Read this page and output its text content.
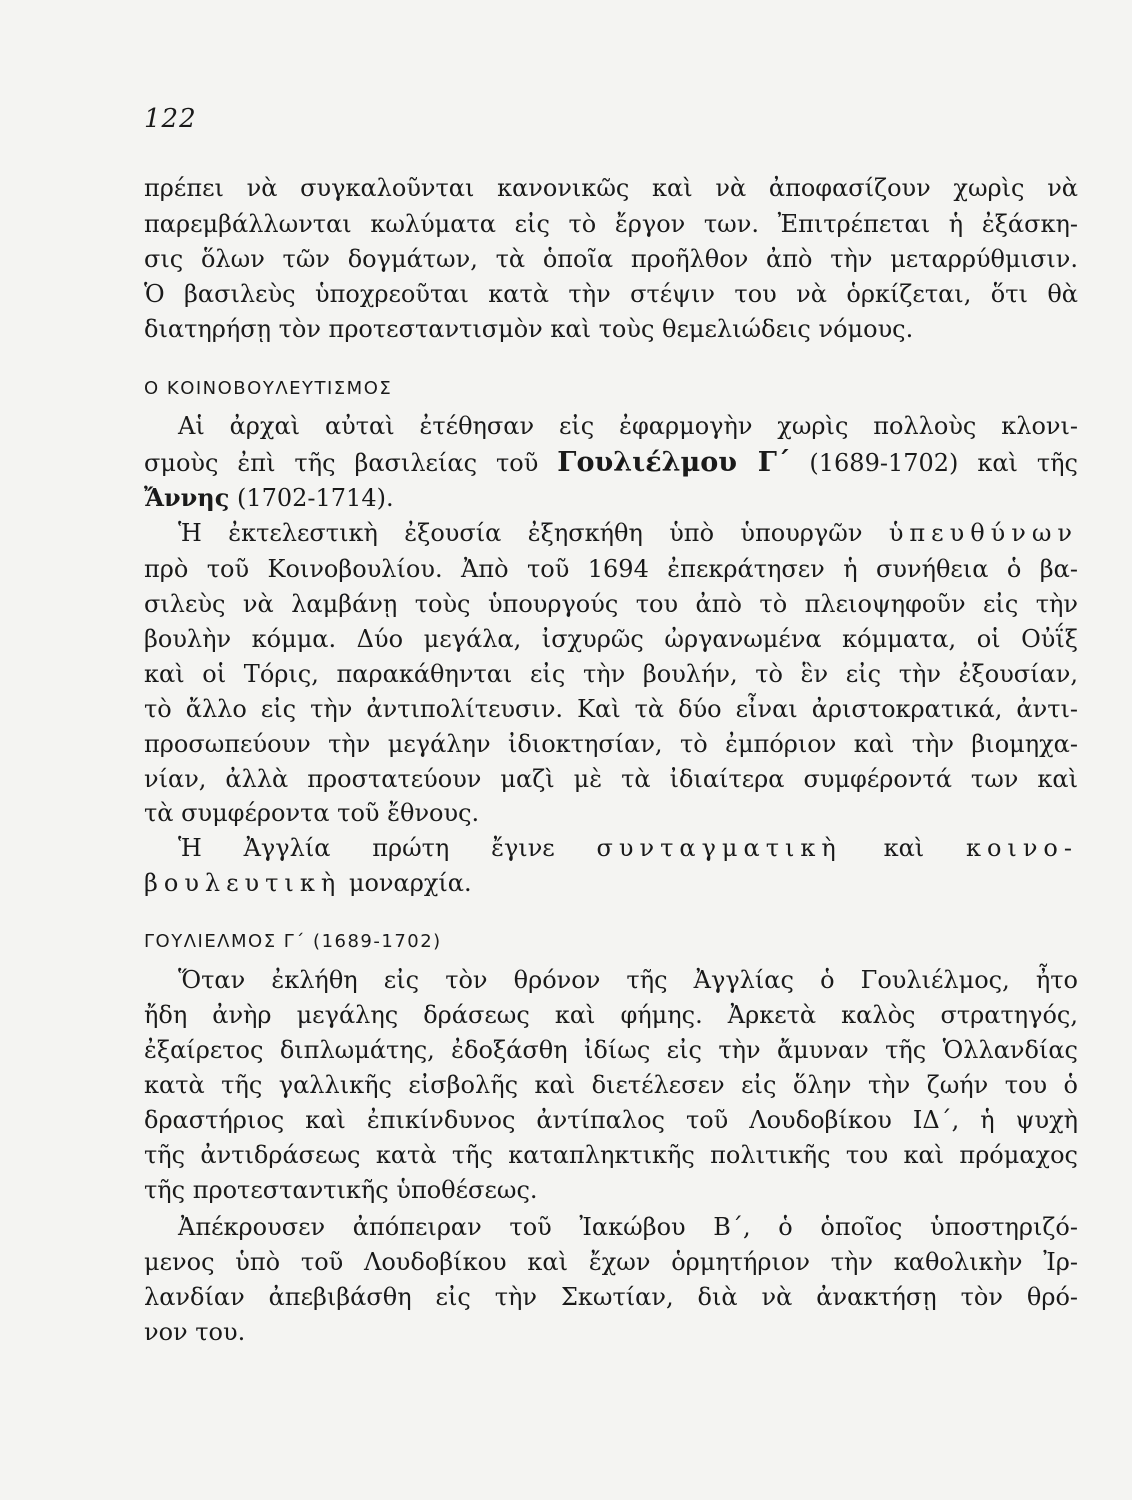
122
πρέπει νὰ συγκαλοῦνται κανονικῶς καὶ νὰ ἀποφασίζουν χωρὶς νὰ
παρεμβάλλωνται κωλύματα εἰς τὸ ἔργον των. Ἐπιτρέπεται ἡ ἐξάσκη-
σις ὅλων τῶν δογμάτων, τὰ ὁποῖα προῆλθον ἀπὸ τὴν μεταρρύθμισιν.
Ὁ βασιλεὺς ὑποχρεοῦται κατὰ τὴν στέψιν του νὰ ὁρκίζεται, ὅτι θὰ
διατηρήσῃ τὸν προτεσταντισμὸν καὶ τοὺς θεμελιώδεις νόμους.
Ο ΚΟΙΝΟΒΟΥΛΕΥΤΙΣΜΟΣ
Αἱ ἀρχαὶ αὐταὶ ἐτέθησαν εἰς ἐφαρμογὴν χωρὶς πολλοὺς κλονι-
σμοὺς ἐπὶ τῆς βασιλείας τοῦ Γουλιέλμου Γ΄ (1689-1702) καὶ τῆς
Ἄννης (1702-1714).
Ἡ ἐκτελεστικὴ ἐξουσία ἐξησκήθη ὑπὸ ὑπουργῶν ὑπευθύνων
πρὸ τοῦ Κοινοβουλίου. Ἀπὸ τοῦ 1694 ἐπεκράτησεν ἡ συνήθεια ὁ βα-
σιλεὺς νὰ λαμβάνῃ τοὺς ὑπουργούς του ἀπὸ τὸ πλειοψηφοῦν εἰς τὴν
βουλὴν κόμμα. Δύο μεγάλα, ἰσχυρῶς ὠργανωμένα κόμματα, οἱ Οὐΐξ
καὶ οἱ Τόρις, παρακάθηνται εἰς τὴν βουλήν, τὸ ἓν εἰς τὴν ἐξουσίαν,
τὸ ἄλλο εἰς τὴν ἀντιπολίτευσιν. Καὶ τὰ δύο εἶναι ἀριστοκρατικά, ἀντι-
προσωπεύουν τὴν μεγάλην ἰδιοκτησίαν, τὸ ἐμπόριον καὶ τὴν βιομηχα-
νίαν, ἀλλὰ προστατεύουν μαζὶ μὲ τὰ ἰδιαίτερα συμφέροντά των καὶ
τὰ συμφέροντα τοῦ ἔθνους.
Ἡ Ἀγγλία πρώτη ἔγινε συνταγματικὴ καὶ κοινο-
βουλευτικὴ μοναρχία.
ΓΟΥΛΙΕΛΜΟΣ Γ΄ (1689-1702)
Ὅταν ἐκλήθη εἰς τὸν θρόνον τῆς Ἀγγλίας ὁ Γουλιέλμος, ἦτο
ἤδη ἀνὴρ μεγάλης δράσεως καὶ φήμης. Ἀρκετὰ καλὸς στρατηγός,
ἐξαίρετος διπλωμάτης, ἐδοξάσθη ἰδίως εἰς τὴν ἄμυναν τῆς Ὁλλανδίας
κατὰ τῆς γαλλικῆς εἰσβολῆς καὶ διετέλεσεν εἰς ὅλην τὴν ζωήν του ὁ
δραστήριος καὶ ἐπικίνδυνος ἀντίπαλος τοῦ Λουδοβίκου ΙΔ΄, ἡ ψυχὴ
τῆς ἀντιδράσεως κατὰ τῆς καταπληκτικῆς πολιτικῆς του καὶ πρόμαχος
τῆς προτεσταντικῆς ὑποθέσεως.
Ἀπέκρουσεν ἀπόπειραν τοῦ Ἰακώβου Β΄, ὁ ὁποῖος ὑποστηριζό-
μενος ὑπὸ τοῦ Λουδοβίκου καὶ ἔχων ὁρμητήριον τὴν καθολικὴν Ἰρ-
λανδίαν ἀπεβιβάσθη εἰς τὴν Σκωτίαν, διὰ νὰ ἀνακτήσῃ τὸν θρό-
νον του.
